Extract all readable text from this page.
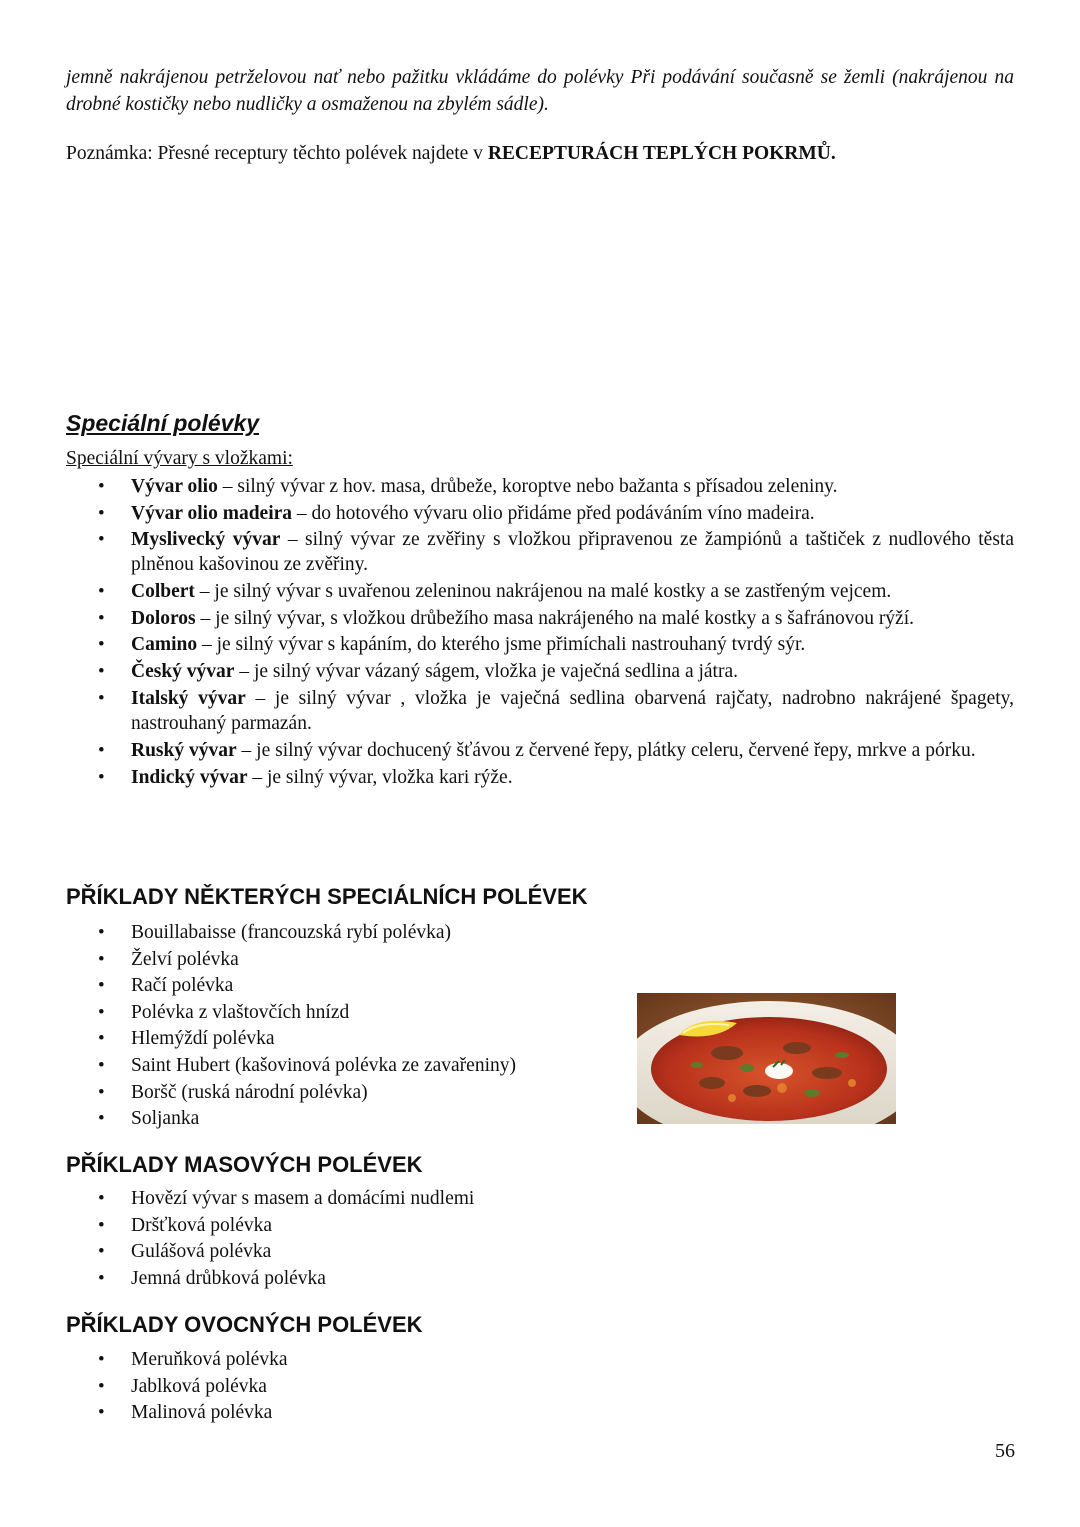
jemně nakrájenou petrželovou nať nebo pažitku vkládáme do polévky Při podávání současně se žemli (nakrájenou na drobné kostičky nebo nudličky a osmaženou na zbylém sádle).
Poznámka: Přesné receptury těchto polévek najdete v RECEPTURÁCH TEPLÝCH POKRMŮ.
Speciální polévky
Speciální vývary s vložkami:
• Vývar olio – silný vývar z hov. masa, drůbeže, koroptve nebo bažanta s přísadou zeleniny.
• Vývar olio madeira – do hotového vývaru olio přidáme před podáváním víno madeira.
• Myslivecký vývar – silný vývar ze zvěřiny s vložkou připravenou ze žampiónů a taštiček z nudlového těsta plněnou kašovinou ze zvěřiny.
• Colbert – je silný vývar s uvařenou zeleninou nakrájenou na malé kostky a se zastřeným vejcem.
• Doloros – je silný vývar, s vložkou drůbežího masa nakrájeného na malé kostky a s šafránovou rýží.
• Camino – je silný vývar s kapáním, do kterého jsme přimíchali nastrouhaný tvrdý sýr.
• Český vývar – je silný vývar vázaný ságem, vložka je vaječná sedlina a játra.
• Italský vývar – je silný vývar , vložka je vaječná sedlina obarvená rajčaty, nadrobno nakrájené špagety, nastrouhaný parmazán.
• Ruský vývar – je silný vývar dochucený šťávou z červené řepy, plátky celeru, červené řepy, mrkve a pórku.
• Indický vývar – je silný vývar, vložka kari rýže.
PŘÍKLADY NĚKTERÝCH SPECIÁLNÍCH POLÉVEK
• Bouillabaisse (francouzská rybí polévka)
• Želví polévka
• Račí polévka
• Polévka z vlaštovčích hnízd
• Hlemýždí polévka
• Saint Hubert (kašovinová polévka ze zavařeniny)
• Boršč (ruská národní polévka)
• Soljanka
PŘÍKLADY MASOVÝCH POLÉVEK
• Hovězí vývar s masem a domácími nudlemi
• Dršťková polévka
• Gulášová polévka
• Jemná drůbková polévka
PŘÍKLADY OVOCNÝCH POLÉVEK
• Meruňková polévka
• Jablková polévka
• Malinová polévka
56
